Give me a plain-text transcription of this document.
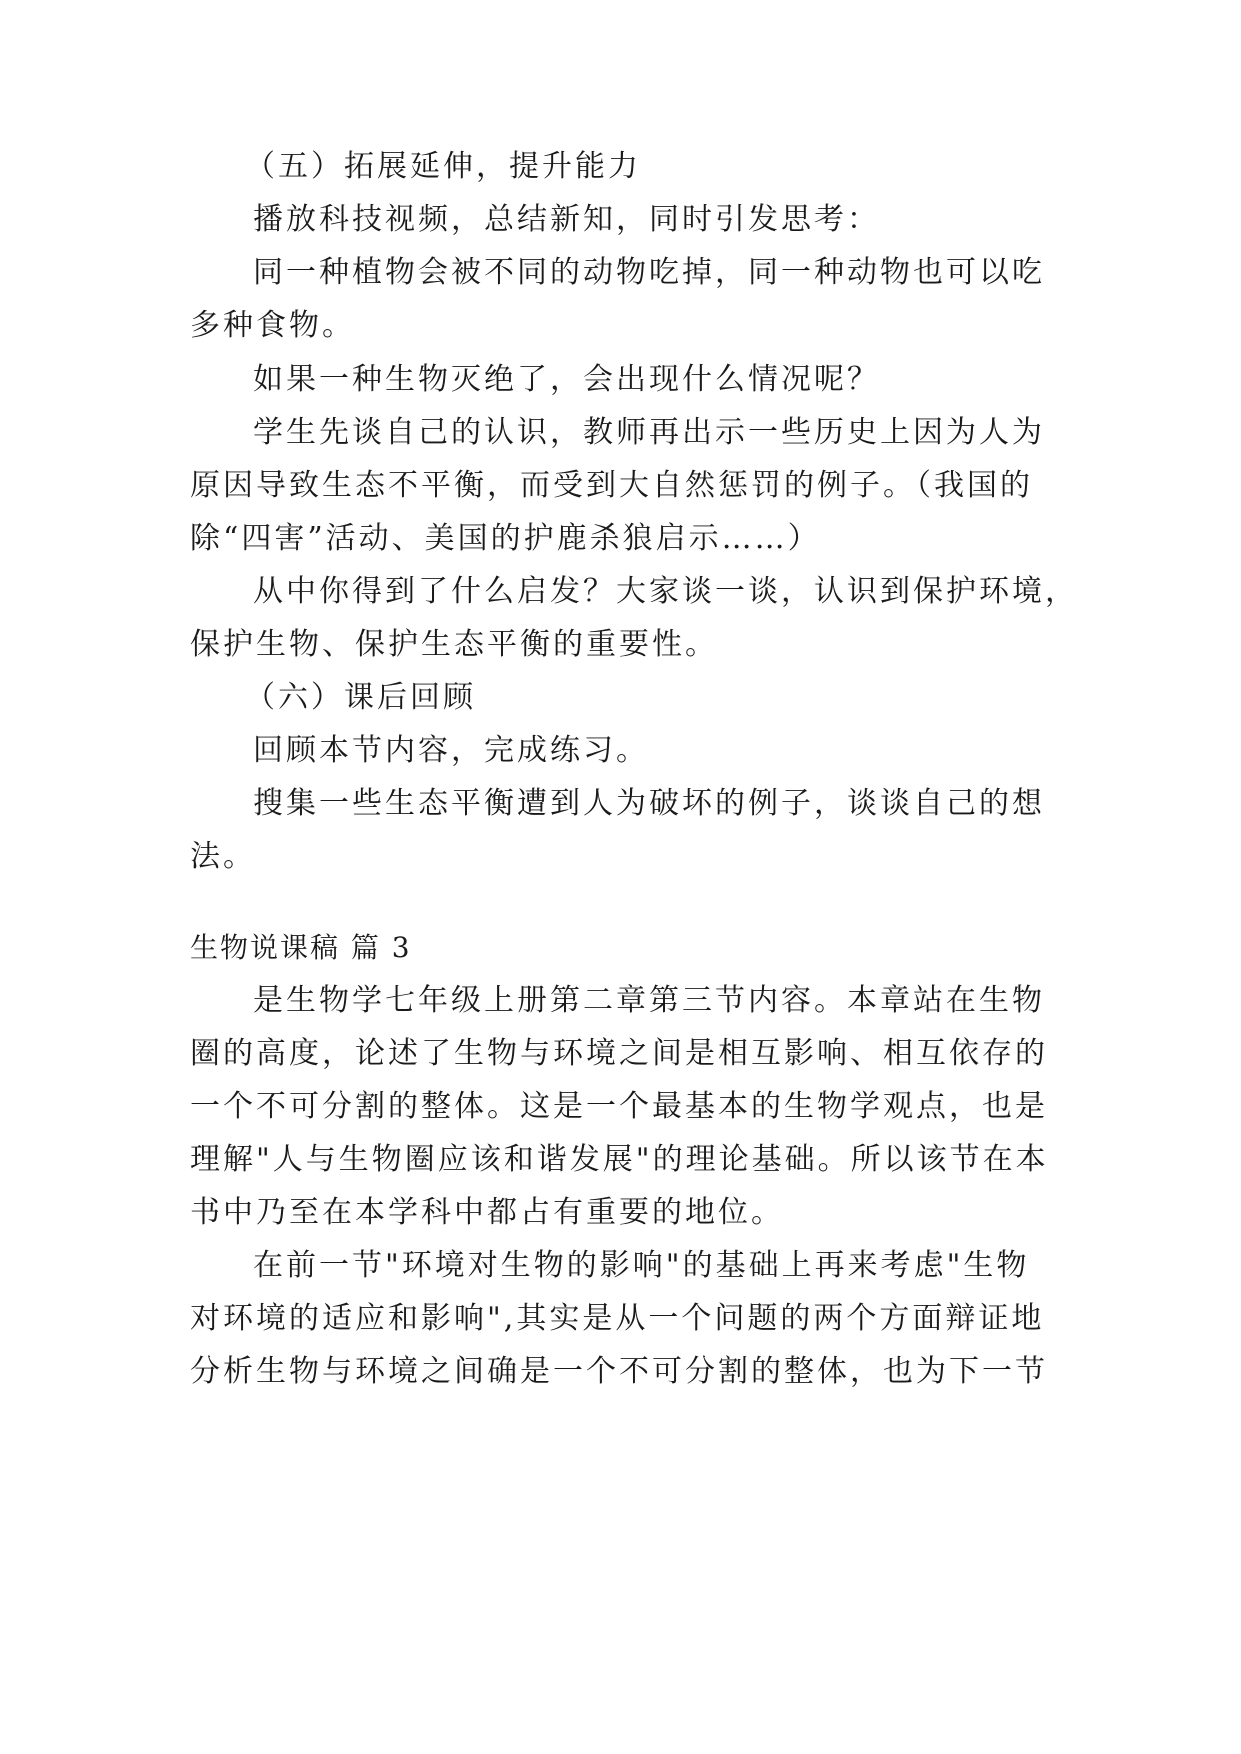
（五）拓展延伸，提升能力
播放科技视频，总结新知，同时引发思考：
同一种植物会被不同的动物吃掉，同一种动物也可以吃
多种食物。
如果一种生物灭绝了，会出现什么情况呢？
学生先谈自己的认识，教师再出示一些历史上因为人为
原因导致生态不平衡，而受到大自然惩罚的例子。（我国的
除“四害”活动、美国的护鹿杀狼启示……）
从中你得到了什么启发？大家谈一谈，认识到保护环境，
保护生物、保护生态平衡的重要性。
（六）课后回顾
回顾本节内容，完成练习。
搜集一些生态平衡遭到人为破坏的例子，谈谈自己的想
法。
生物说课稿 篇 3
是生物学七年级上册第二章第三节内容。本章站在生物
圈的高度，论述了生物与环境之间是相互影响、相互依存的
一个不可分割的整体。这是一个最基本的生物学观点，也是
理解"人与生物圈应该和谐发展"的理论基础。所以该节在本
书中乃至在本学科中都占有重要的地位。
在前一节"环境对生物的影响"的基础上再来考虑"生物
对环境的适应和影响",其实是从一个问题的两个方面辩证地
分析生物与环境之间确是一个不可分割的整体，也为下一节
